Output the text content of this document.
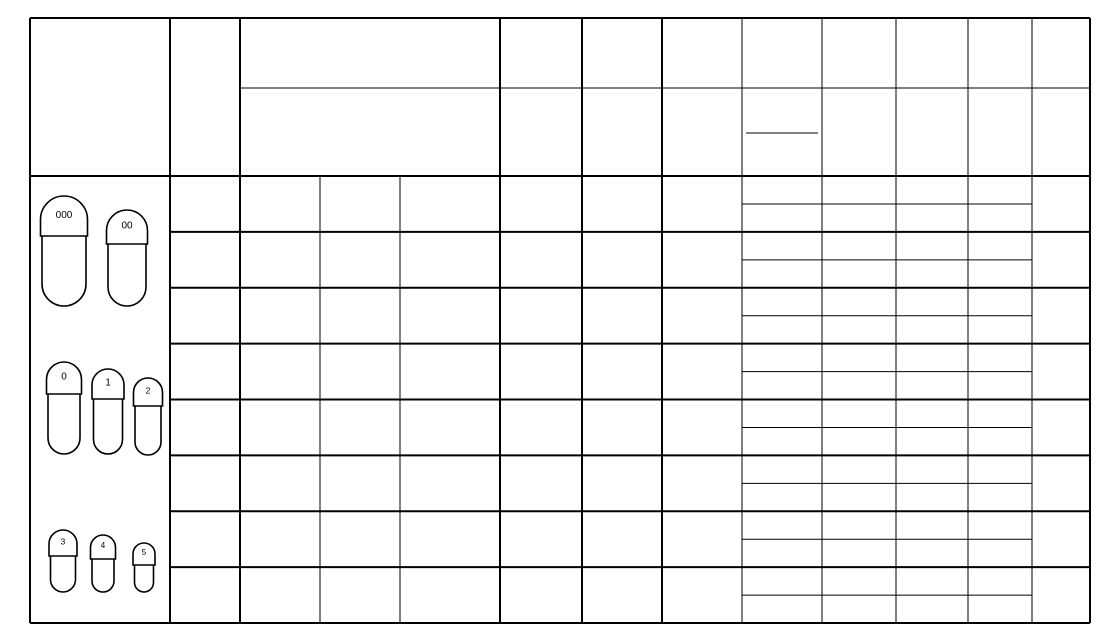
000
00
0
1
2
3	4
5
